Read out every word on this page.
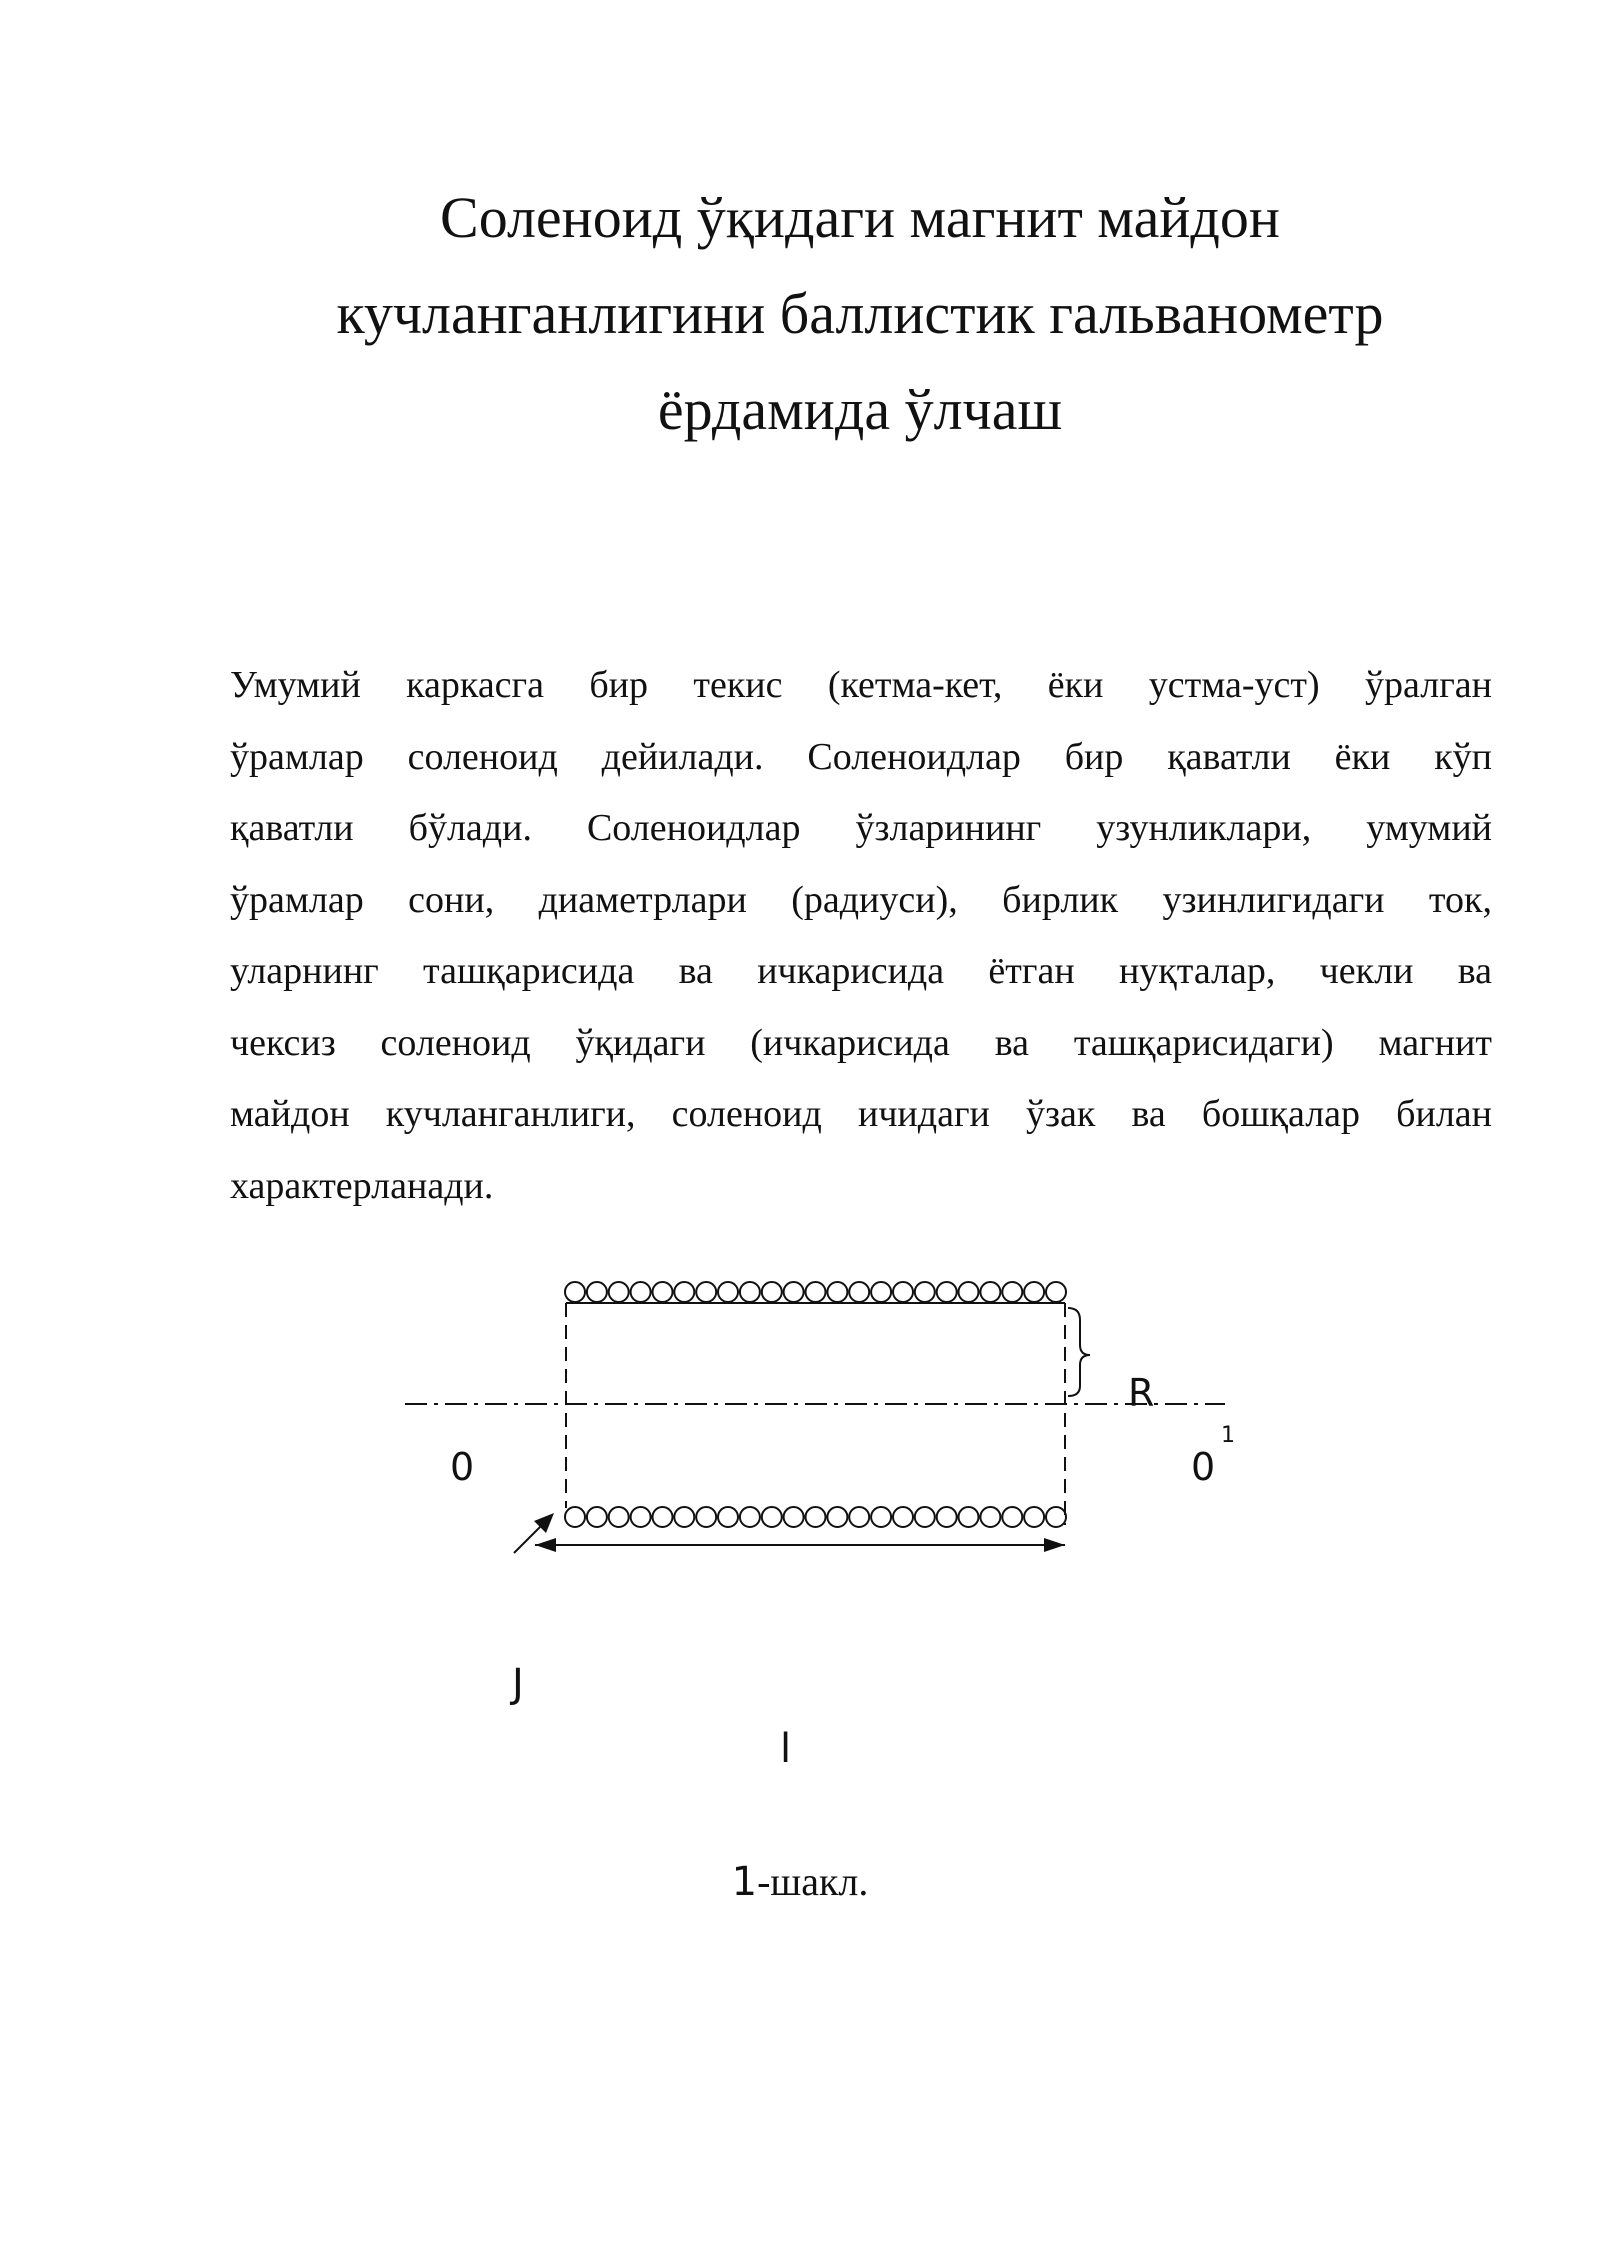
Соленоид ўқидаги магнит майдон
кучланганлигини баллистик гальванометр
ёрдамида ўлчаш

Умумий каркасга бир текис (кетма-кет, ёки устма-уст) ўралган
ўрамлар соленоид дейилади. Соленоидлар бир қаватли ёки кўп
қаватли бўлади. Соленоидлар ўзларининг узунликлари, умумий
ўрамлар сони, диаметрлари (радиуси), бирлик узинлигидаги ток,
уларнинг ташқарисида ва ичкарисида ётган нуқталар, чекли ва
чексиз соленоид ўқидаги (ичкарисида ва ташқарисидаги) магнит
майдон кучланганлиги, соленоид ичидаги ўзак ва бошқалар билан
характерланади.

R
0	0
1
J
l

1-шакл.
